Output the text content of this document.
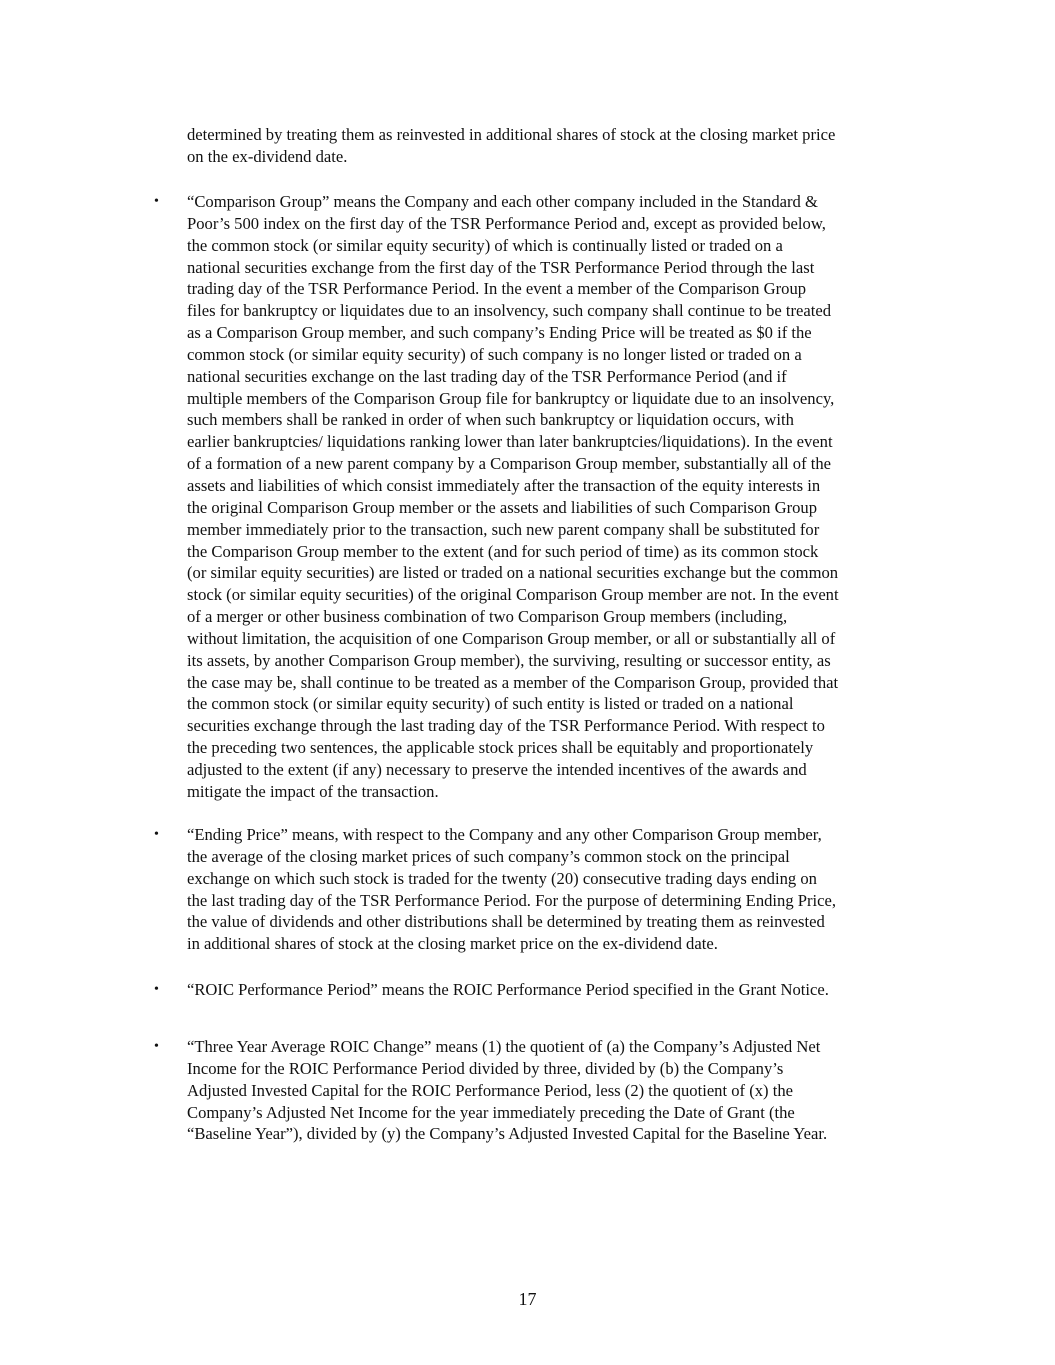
determined by treating them as reinvested in additional shares of stock at the closing market price
on the ex-dividend date.

• “Comparison Group” means the Company and each other company included in the Standard &
Poor’s 500 index on the first day of the TSR Performance Period and, except as provided below,
the common stock (or similar equity security) of which is continually listed or traded on a
national securities exchange from the first day of the TSR Performance Period through the last
trading day of the TSR Performance Period. In the event a member of the Comparison Group
files for bankruptcy or liquidates due to an insolvency, such company shall continue to be treated
as a Comparison Group member, and such company’s Ending Price will be treated as $0 if the
common stock (or similar equity security) of such company is no longer listed or traded on a
national securities exchange on the last trading day of the TSR Performance Period (and if
multiple members of the Comparison Group file for bankruptcy or liquidate due to an insolvency,
such members shall be ranked in order of when such bankruptcy or liquidation occurs, with
earlier bankruptcies/ liquidations ranking lower than later bankruptcies/liquidations). In the event
of a formation of a new parent company by a Comparison Group member, substantially all of the
assets and liabilities of which consist immediately after the transaction of the equity interests in
the original Comparison Group member or the assets and liabilities of such Comparison Group
member immediately prior to the transaction, such new parent company shall be substituted for
the Comparison Group member to the extent (and for such period of time) as its common stock
(or similar equity securities) are listed or traded on a national securities exchange but the common
stock (or similar equity securities) of the original Comparison Group member are not. In the event
of a merger or other business combination of two Comparison Group members (including,
without limitation, the acquisition of one Comparison Group member, or all or substantially all of
its assets, by another Comparison Group member), the surviving, resulting or successor entity, as
the case may be, shall continue to be treated as a member of the Comparison Group, provided that
the common stock (or similar equity security) of such entity is listed or traded on a national
securities exchange through the last trading day of the TSR Performance Period. With respect to
the preceding two sentences, the applicable stock prices shall be equitably and proportionately
adjusted to the extent (if any) necessary to preserve the intended incentives of the awards and
mitigate the impact of the transaction.

• “Ending Price” means, with respect to the Company and any other Comparison Group member,
the average of the closing market prices of such company’s common stock on the principal
exchange on which such stock is traded for the twenty (20) consecutive trading days ending on
the last trading day of the TSR Performance Period. For the purpose of determining Ending Price,
the value of dividends and other distributions shall be determined by treating them as reinvested
in additional shares of stock at the closing market price on the ex-dividend date.

• “ROIC Performance Period” means the ROIC Performance Period specified in the Grant Notice.

• “Three Year Average ROIC Change” means (1) the quotient of (a) the Company’s Adjusted Net
Income for the ROIC Performance Period divided by three, divided by (b) the Company’s
Adjusted Invested Capital for the ROIC Performance Period, less (2) the quotient of (x) the
Company’s Adjusted Net Income for the year immediately preceding the Date of Grant (the
“Baseline Year”), divided by (y) the Company’s Adjusted Invested Capital for the Baseline Year.

17
